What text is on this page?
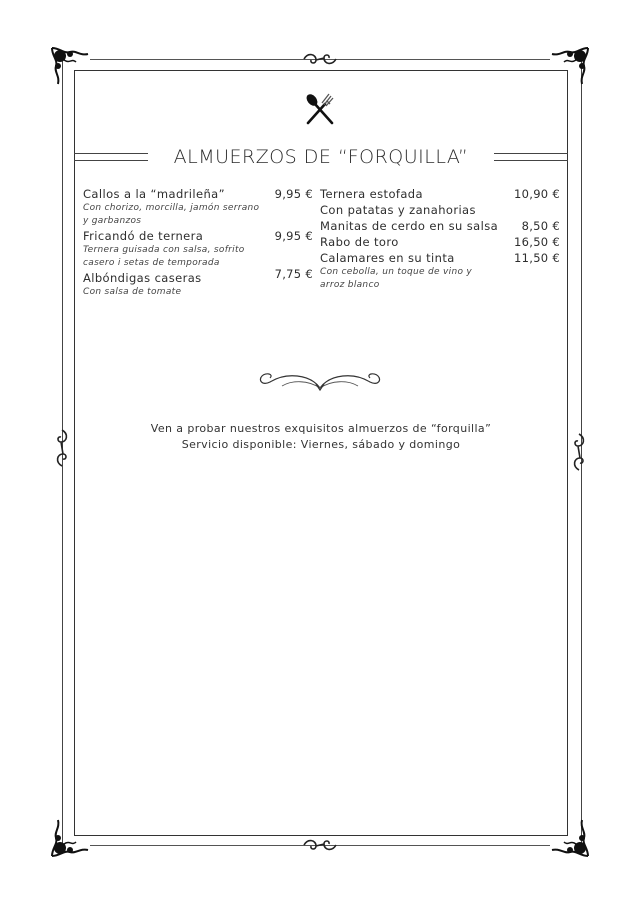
ALMUERZOS DE “FORQUILLA”
Callos a la “madrileña”	9,95 €
Con chorizo, morcilla, jamón serrano y garbanzos
Fricandó de ternera	9,95 €
Ternera guisada con salsa, sofrito casero i setas de temporada
Albóndigas caseras	7,75 €
Con salsa de tomate
Ternera estofada	10,90 €
Con patatas y zanahorias
Manitas de cerdo en su salsa	8,50 €
Rabo de toro	16,50 €
Calamares en su tinta	11,50 €
Con cebolla, un toque de vino y arroz blanco
Ven a probar nuestros exquisitos almuerzos de “forquilla”
Servicio disponible: Viernes, sábado y domingo
